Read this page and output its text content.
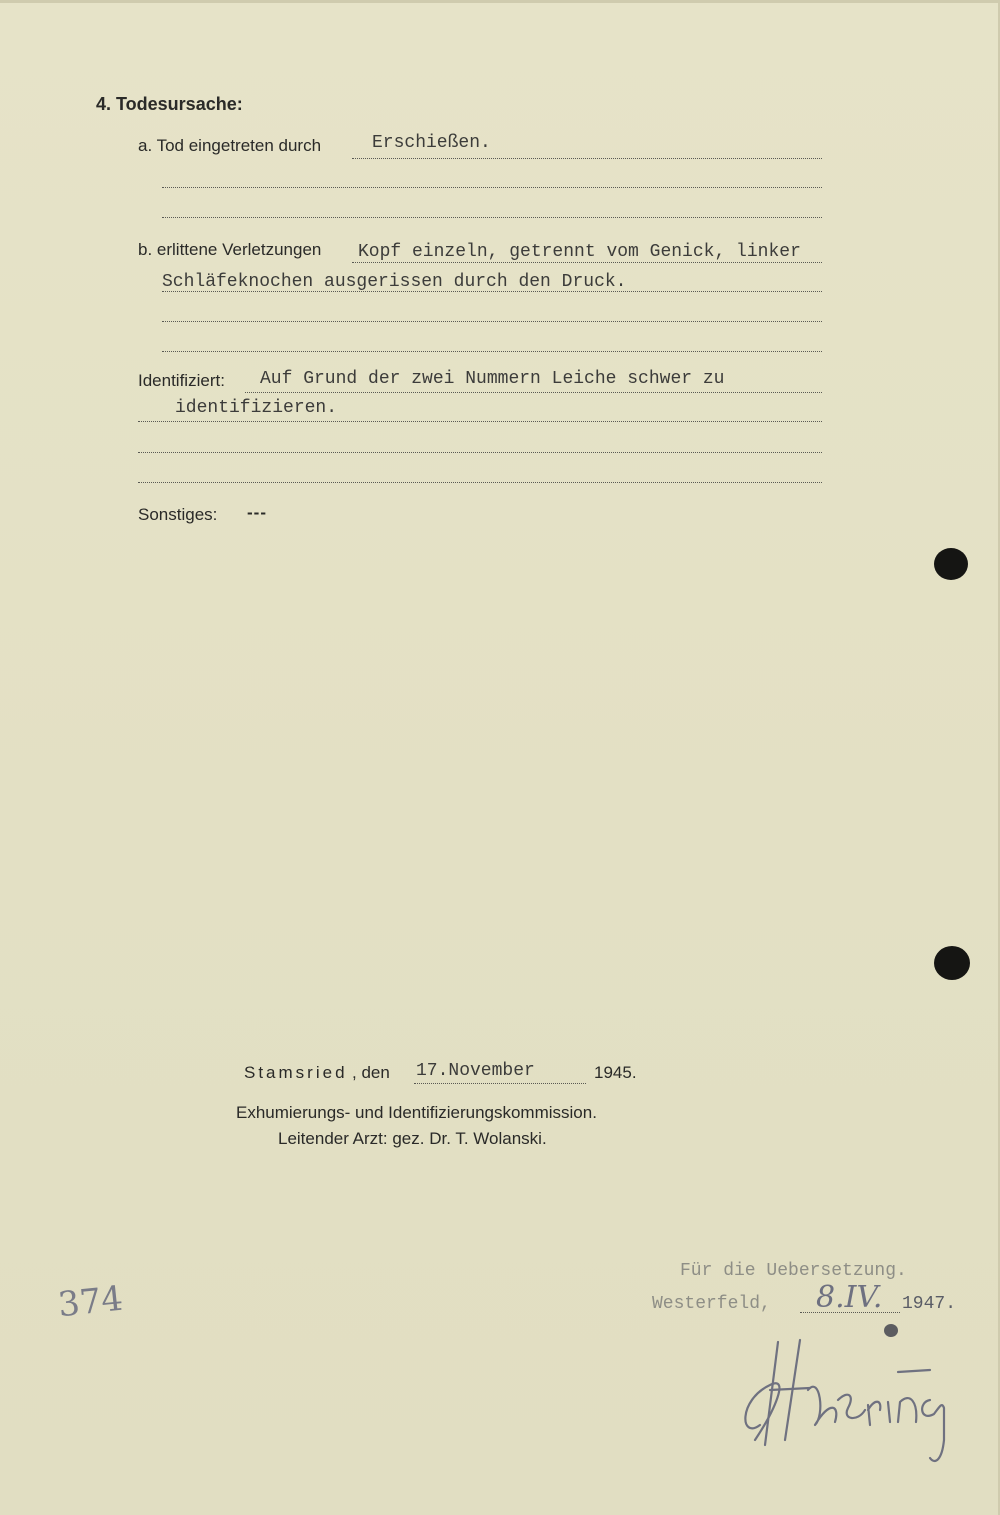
4. Todesursache:
a. Tod eingetreten durch	Erschießen.
b. erlittene Verletzungen Kopf einzeln, getrennt vom Genick, linker
Schläfeknochen ausgerissen durch den Druck.
Identifiziert: Auf Grund der zwei Nummern Leiche schwer zu
identifizieren.
Sonstiges: ---
Stamsried , den 17.November	1945.
Exhumierungs- und Identifizierungskommission.
Leitender Arzt: gez. Dr. T. Wolanski.
374
Für die Uebersetzung.
Westerfeld, 8.IV. 1947.
